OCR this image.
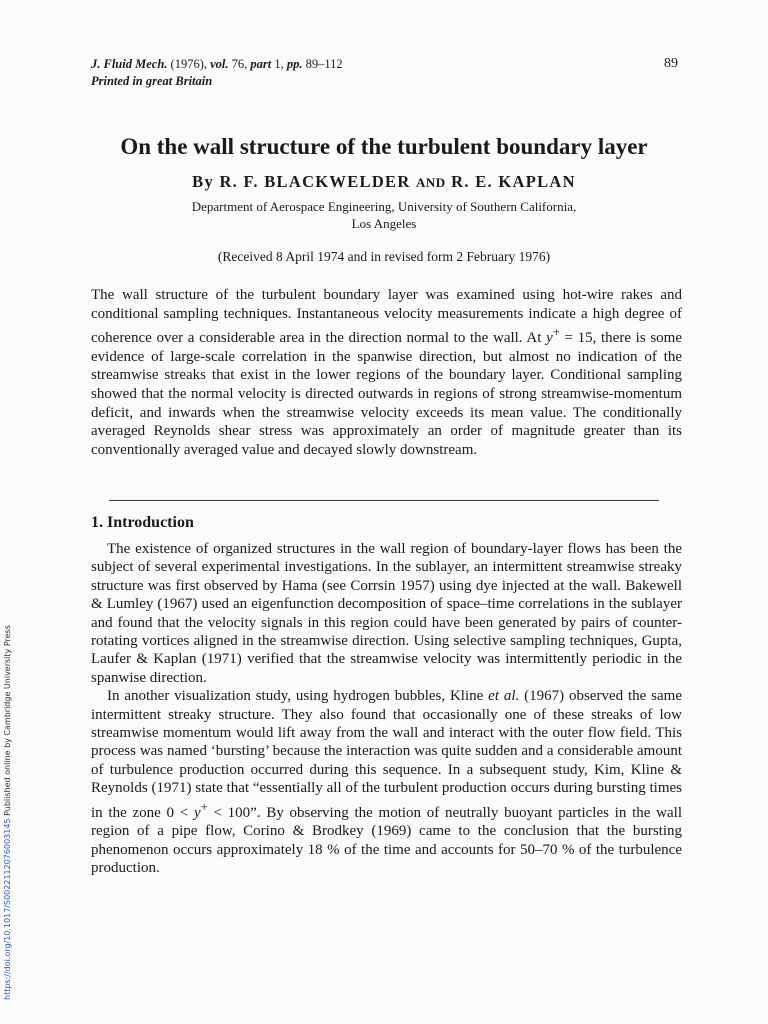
J. Fluid Mech. (1976), vol. 76, part 1, pp. 89–112
Printed in great Britain
89
On the wall structure of the turbulent boundary layer
By R. F. BLACKWELDER AND R. E. KAPLAN
Department of Aerospace Engineering, University of Southern California,
Los Angeles
(Received 8 April 1974 and in revised form 2 February 1976)
The wall structure of the turbulent boundary layer was examined using hot-wire rakes and conditional sampling techniques. Instantaneous velocity measurements indicate a high degree of coherence over a considerable area in the direction normal to the wall. At y+ = 15, there is some evidence of large-scale correlation in the spanwise direction, but almost no indication of the streamwise streaks that exist in the lower regions of the boundary layer. Conditional sampling showed that the normal velocity is directed outwards in regions of strong streamwise-momentum deficit, and inwards when the streamwise velocity exceeds its mean value. The conditionally averaged Reynolds shear stress was approximately an order of magnitude greater than its conventionally averaged value and decayed slowly downstream.
1. Introduction

The existence of organized structures in the wall region of boundary-layer flows has been the subject of several experimental investigations. In the sublayer, an intermittent streamwise streaky structure was first observed by Hama (see Corrsin 1957) using dye injected at the wall. Bakewell & Lumley (1967) used an eigenfunction decomposition of space–time correlations in the sublayer and found that the velocity signals in this region could have been generated by pairs of counter-rotating vortices aligned in the streamwise direction. Using selective sampling techniques, Gupta, Laufer & Kaplan (1971) verified that the streamwise velocity was intermittently periodic in the spanwise direction.

In another visualization study, using hydrogen bubbles, Kline et al. (1967) observed the same intermittent streaky structure. They also found that occasionally one of these streaks of low streamwise momentum would lift away from the wall and interact with the outer flow field. This process was named ‘bursting’ because the interaction was quite sudden and a considerable amount of turbulence production occurred during this sequence. In a subsequent study, Kim, Kline & Reynolds (1971) state that “essentially all of the turbulent production occurs during bursting times in the zone 0 < y+ < 100”. By observing the motion of neutrally buoyant particles in the wall region of a pipe flow, Corino & Brodkey (1969) came to the conclusion that the bursting phenomenon occurs approximately 18 % of the time and accounts for 50–70 % of the turbulence production.

https://doi.org/10.1017/S0022112076003145 Published online by Cambridge University Press
